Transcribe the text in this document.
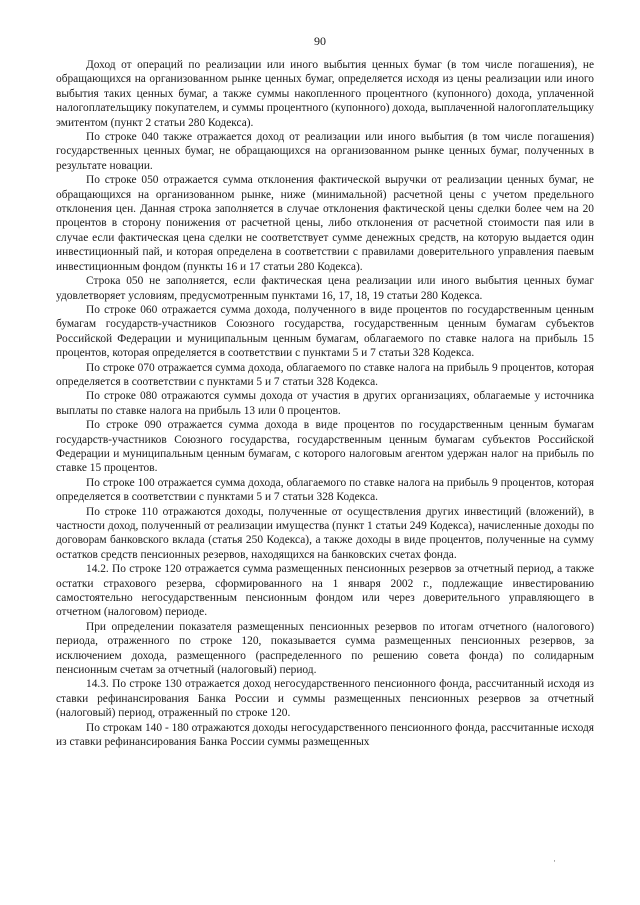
90

Доход от операций по реализации или иного выбытия ценных бумаг (в том числе погашения), не обращающихся на организованном рынке ценных бумаг, определяется исходя из цены реализации или иного выбытия таких ценных бумаг, а также суммы накопленного процентного (купонного) дохода, уплаченной налогоплательщику покупателем, и суммы процентного (купонного) дохода, выплаченной налогоплательщику эмитентом (пункт 2 статьи 280 Кодекса).

По строке 040 также отражается доход от реализации или иного выбытия (в том числе погашения) государственных ценных бумаг, не обращающихся на организованном рынке ценных бумаг, полученных в результате новации.

По строке 050 отражается сумма отклонения фактической выручки от реализации ценных бумаг, не обращающихся на организованном рынке, ниже (минимальной) расчетной цены с учетом предельного отклонения цен. Данная строка заполняется в случае отклонения фактической цены сделки более чем на 20 процентов в сторону понижения от расчетной цены, либо отклонения от расчетной стоимости пая или в случае если фактическая цена сделки не соответствует сумме денежных средств, на которую выдается один инвестиционный пай, и которая определена в соответствии с правилами доверительного управления паевым инвестиционным фондом (пункты 16 и 17 статьи 280 Кодекса).

Строка 050 не заполняется, если фактическая цена реализации или иного выбытия ценных бумаг удовлетворяет условиям, предусмотренным пунктами 16, 17, 18, 19 статьи 280 Кодекса.

По строке 060 отражается сумма дохода, полученного в виде процентов по государственным ценным бумагам государств-участников Союзного государства, государственным ценным бумагам субъектов Российской Федерации и муниципальным ценным бумагам, облагаемого по ставке налога на прибыль 15 процентов, которая определяется в соответствии с пунктами 5 и 7 статьи 328 Кодекса.

По строке 070 отражается сумма дохода, облагаемого по ставке налога на прибыль 9 процентов, которая определяется в соответствии с пунктами 5 и 7 статьи 328 Кодекса.

По строке 080 отражаются суммы дохода от участия в других организациях, облагаемые у источника выплаты по ставке налога на прибыль 13 или 0 процентов.

По строке 090 отражается сумма дохода в виде процентов по государственным ценным бумагам государств-участников Союзного государства, государственным ценным бумагам субъектов Российской Федерации и муниципальным ценным бумагам, с которого налоговым агентом удержан налог на прибыль по ставке 15 процентов.

По строке 100 отражается сумма дохода, облагаемого по ставке налога на прибыль 9 процентов, которая определяется в соответствии с пунктами 5 и 7 статьи 328 Кодекса.

По строке 110 отражаются доходы, полученные от осуществления других инвестиций (вложений), в частности доход, полученный от реализации имущества (пункт 1 статьи 249 Кодекса), начисленные доходы по договорам банковского вклада (статья 250 Кодекса), а также доходы в виде процентов, полученные на сумму остатков средств пенсионных резервов, находящихся на банковских счетах фонда.

14.2. По строке 120 отражается сумма размещенных пенсионных резервов за отчетный период, а также остатки страхового резерва, сформированного на 1 января 2002 г., подлежащие инвестированию самостоятельно негосударственным пенсионным фондом или через доверительного управляющего в отчетном (налоговом) периоде.

При определении показателя размещенных пенсионных резервов по итогам отчетного (налогового) периода, отраженного по строке 120, показывается сумма размещенных пенсионных резервов, за исключением дохода, размещенного (распределенного по решению совета фонда) по солидарным пенсионным счетам за отчетный (налоговый) период.

14.3. По строке 130 отражается доход негосударственного пенсионного фонда, рассчитанный исходя из ставки рефинансирования Банка России и суммы размещенных пенсионных резервов за отчетный (налоговый) период, отраженный по строке 120.

По строкам 140 - 180 отражаются доходы негосударственного пенсионного фонда, рассчитанные исходя из ставки рефинансирования Банка России суммы размещенных

·
